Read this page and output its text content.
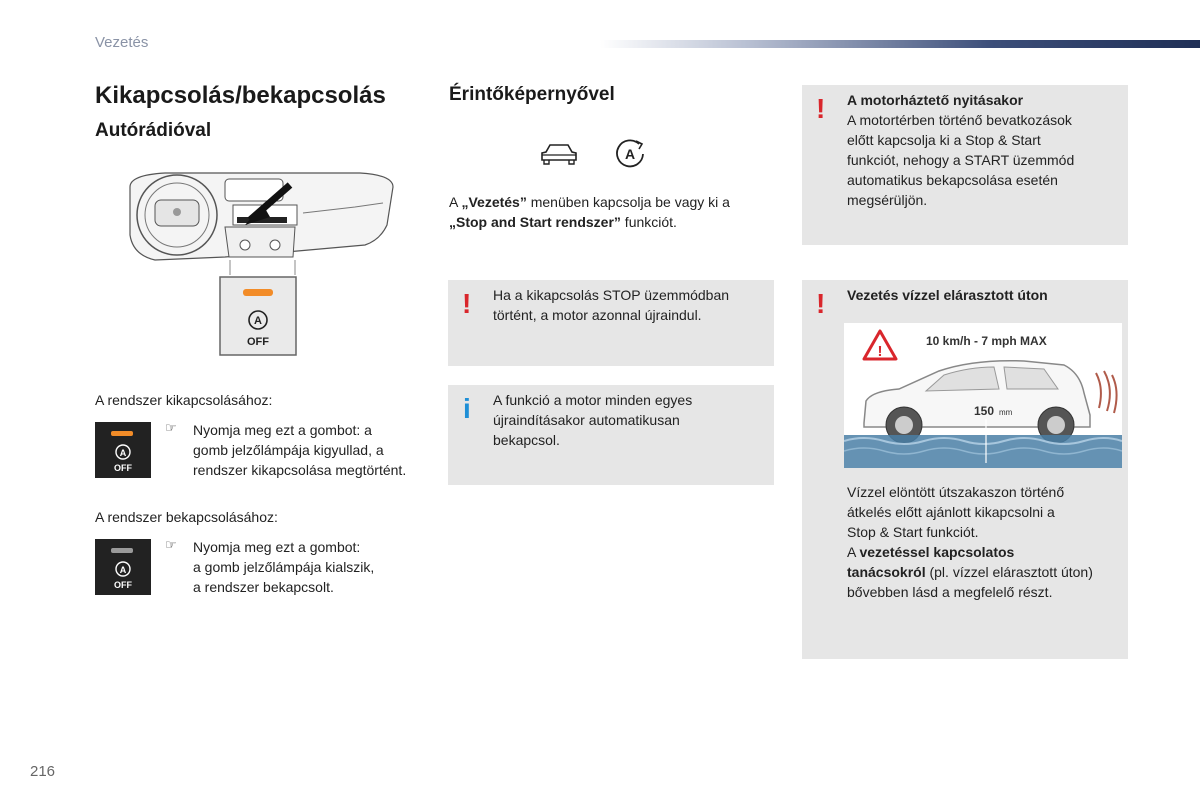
Vezetés
Kikapcsolás/bekapcsolás
Autórádióval
A
OFF
A rendszer kikapcsolásához:
A
OFF
☞ Nyomja meg ezt a gombot: a
gomb jelzőlámpája kigyullad, a
rendszer kikapcsolása megtörtént.
A rendszer bekapcsolásához:
A
OFF
☞ Nyomja meg ezt a gombot:
a gomb jelzőlámpája kialszik,
a rendszer bekapcsolt.
Érintőképernyővel
A
A „Vezetés” menüben kapcsolja be vagy ki a
„Stop and Start rendszer” funkciót.
! Ha a kikapcsolás STOP üzemmódban
történt, a motor azonnal újraindul.
i A funkció a motor minden egyes
újraindításakor automatikusan
bekapcsol.
! A motorháztető nyitásakor
A motortérben történő bevatkozások
előtt kapcsolja ki a Stop & Start
funkciót, nehogy a START üzemmód
automatikus bekapcsolása esetén
megsérüljön.
! Vezetés vízzel elárasztott úton
!
10 km/h - 7 mph MAX
150 mm
Vízzel elöntött útszakaszon történő
átkelés előtt ajánlott kikapcsolni a
Stop & Start funkciót.
A vezetéssel kapcsolatos
tanácsokról (pl. vízzel elárasztott úton)
bővebben lásd a megfelelő részt.
216
